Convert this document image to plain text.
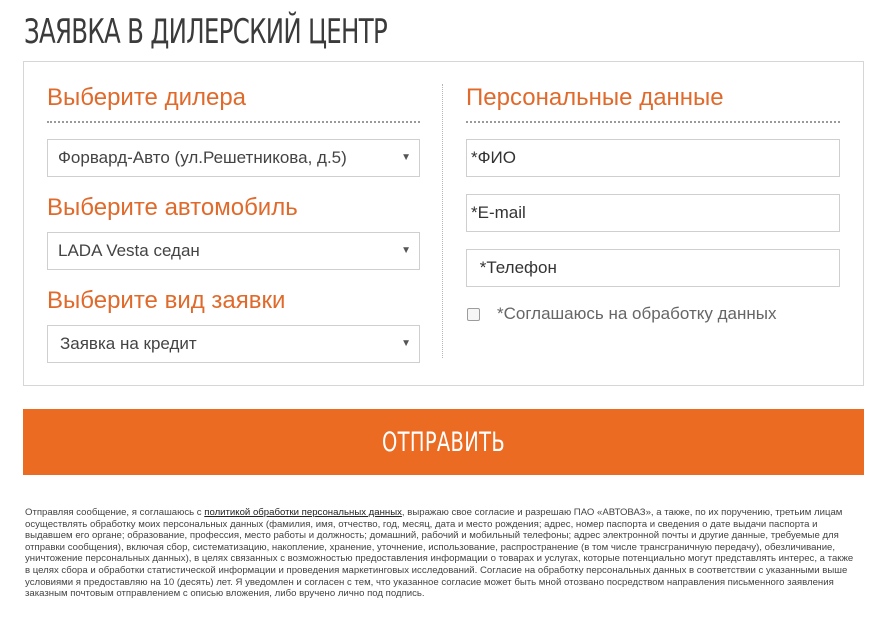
ЗАЯВКА В ДИЛЕРСКИЙ ЦЕНТР
Выберите дилера
Форвард-Авто (ул.Решетникова, д.5)	▼
Выберите автомобиль
LADA Vesta седан	▼
Выберите вид заявки
Заявка на кредит	▼
Персональные данные
*ФИО
*E-mail
*Телефон
*Соглашаюсь на обработку данных
ОТПРАВИТЬ

Отправляя сообщение, я соглашаюсь с политикой обработки персональных данных, выражаю свое согласие и разрешаю ПАО «АВТОВАЗ», а также, по их поручению, третьим лицам осуществлять обработку моих персональных данных (фамилия, имя, отчество, год, месяц, дата и место рождения; адрес, номер паспорта и сведения о дате выдачи паспорта и выдавшем его органе; образование, профессия, место работы и должность; домашний, рабочий и мобильный телефоны; адрес электронной почты и другие данные, требуемые для отправки сообщения), включая сбор, систематизацию, накопление, хранение, уточнение, использование, распространение (в том числе трансграничную передачу), обезличивание, уничтожение персональных данных), в целях связанных с возможностью предоставления информации о товарах и услугах, которые потенциально могут представлять интерес, а также в целях сбора и обработки статистической информации и проведения маркетинговых исследований. Согласие на обработку персональных данных в соответствии с указанными выше условиями я предоставляю на 10 (десять) лет. Я уведомлен и согласен с тем, что указанное согласие может быть мной отозвано посредством направления письменного заявления заказным почтовым отправлением с описью вложения, либо вручено лично под подпись.
